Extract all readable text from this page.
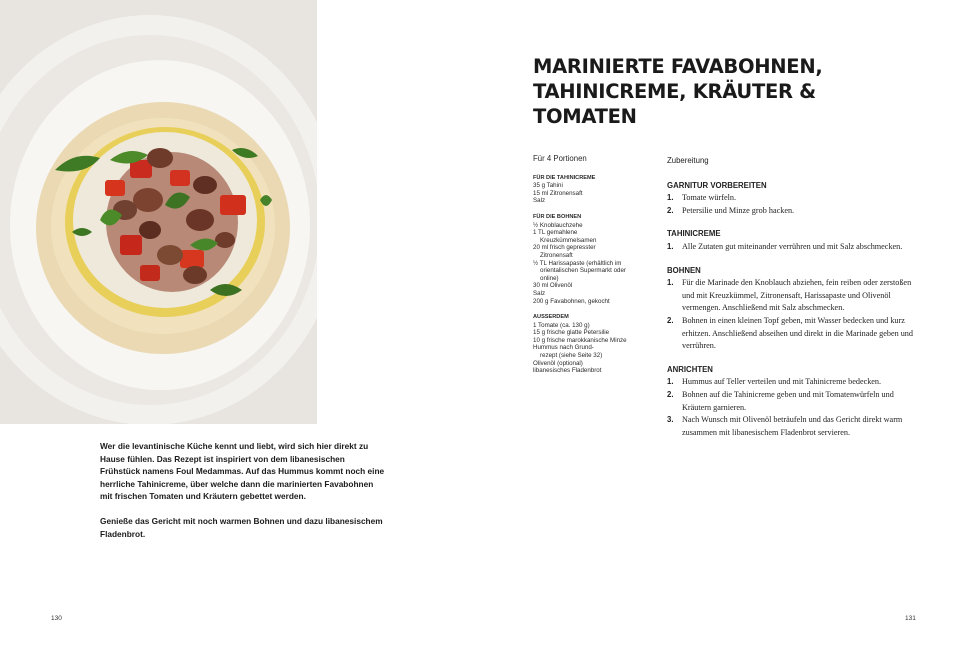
Wer die levantinische Küche kennt und liebt, wird sich hier direkt zu Hause fühlen. Das Rezept ist inspiriert von dem libanesischen Frühstück namens Foul Medammas. Auf das Hummus kommt noch eine herrliche Tahinicreme, über welche dann die marinierten Favabohnen mit frischen Tomaten und Kräutern gebettet werden.

Genieße das Gericht mit noch warmen Bohnen und dazu libanesischem Fladenbrot.

130	131
MARINIERTE FAVABOHNEN,
TAHINICREME, KRÄUTER &
TOMATEN
Für 4 Portionen
FÜR DIE TAHINICREME
35 g Tahini
15 ml Zitronensaft
Salz
FÜR DIE BOHNEN
½ Knoblauchzehe
1 TL gemahlene
Kreuzkümmelsamen
20 ml frisch gepresster
Zitronensaft
½ TL Harissapaste (erhältlich im
orientalischen Supermarkt oder
online)
30 ml Olivenöl
Salz
200 g Favabohnen, gekocht
AUSSERDEM
1 Tomate (ca. 130 g)
15 g frische glatte Petersilie
10 g frische marokkanische Minze
Hummus nach Grund-
rezept (siehe Seite 32)
Olivenöl (optional)
libanesisches Fladenbrot
Zubereitung
GARNITUR VORBEREITEN
1.	Tomate würfeln.
2.	Petersilie und Minze grob hacken.
TAHINICREME
1.	Alle Zutaten gut miteinander verrühren und mit Salz abschmecken.
BOHNEN
1.	Für die Marinade den Knoblauch abziehen, fein reiben oder zerstoßen und mit Kreuzkümmel, Zitronensaft, Harissapaste und Olivenöl vermengen. Anschließend mit Salz abschmecken.
2.	Bohnen in einen kleinen Topf geben, mit Wasser bedecken und kurz erhitzen. Anschließend abseihen und direkt in die Marinade geben und verrühren.
ANRICHTEN
1.	Hummus auf Teller verteilen und mit Tahinicreme bedecken.
2.	Bohnen auf die Tahinicreme geben und mit Tomatenwürfeln und Kräutern garnieren.
3.	Nach Wunsch mit Olivenöl beträufeln und das Gericht direkt warm zusammen mit libanesischem Fladenbrot servieren.
